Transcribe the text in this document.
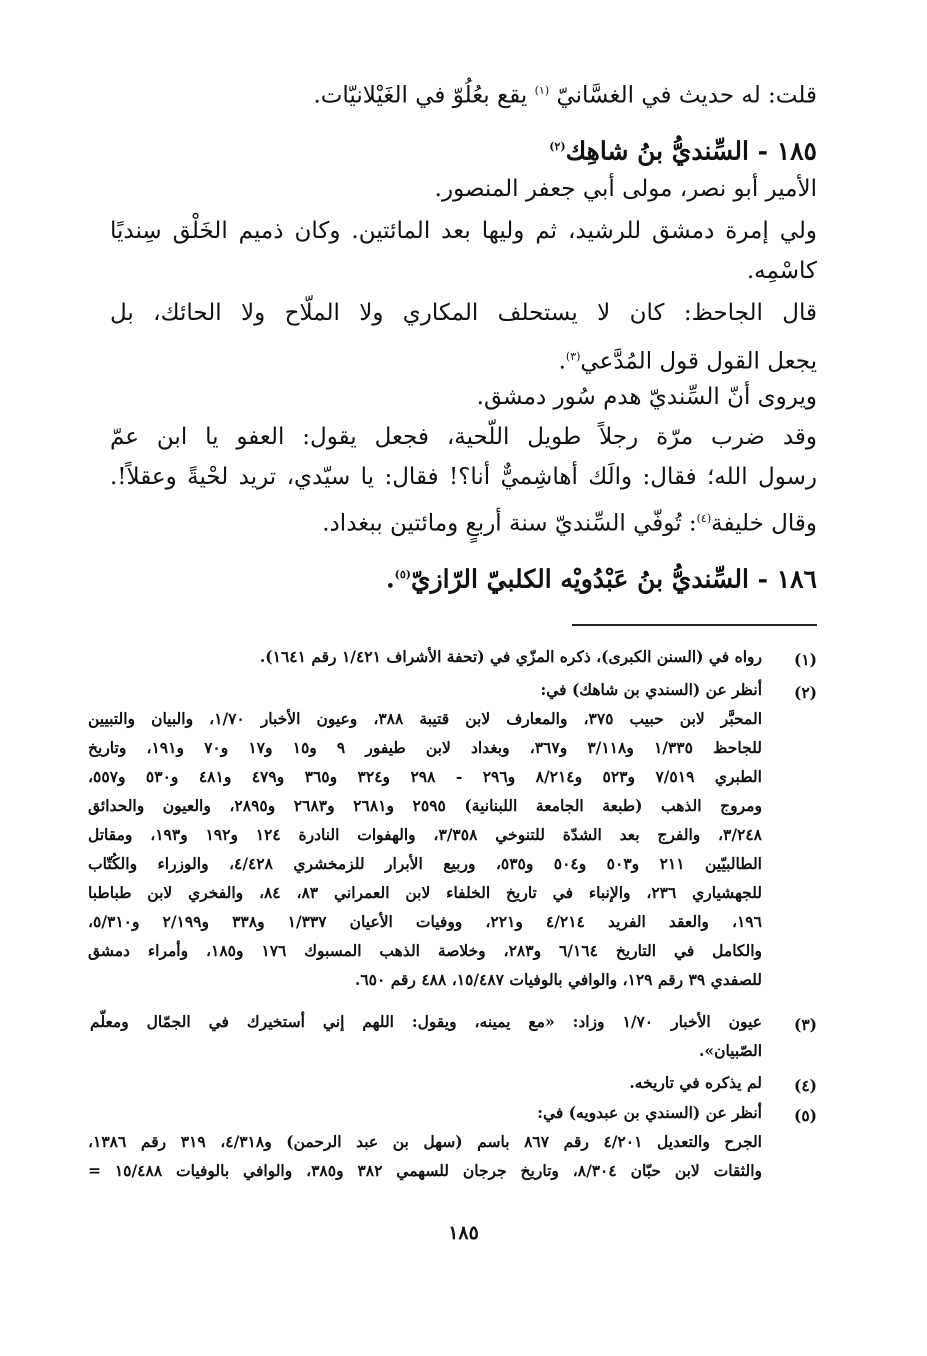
قلت: له حديث في الغسَّانيّ $^{(١)}$ يقع بعُلُوّ في الغَيْلانيّات.
١٨٥ - السِّنديُّ بنُ شاهِك$^{(٢)}$
الأمير أبو نصر، مولى أبي جعفر المنصور.
ولي إمرة دمشق للرشيد، ثم وليها بعد المائتين. وكان ذميم الخَلْق سِنديًا
كاسْمِه.
قال الجاحظ: كان لا يستحلف المكاري ولا الملّاح ولا الحائك، بل
يجعل القول قول المُدَّعي$^{(٣)}$.
ويروى أنّ السِّنديّ هدم سُور دمشق.
وقد ضرب مرّة رجلاً طويل اللّحية، فجعل يقول: العفو يا ابن عمّ
رسول الله؛ فقال: والَك أهاشِميٌّ أنا؟! فقال: يا سيّدي، تريد لحْيةً وعقلاً!.
وقال خليفة$^{(٤)}$: تُوفّي السِّنديّ سنة أربعٍ ومائتين ببغداد.
١٨٦ - السِّنديُّ بنُ عَبْدُويْه الكلبيّ الرّازيّ$^{(٥)}$.
(١)
رواه في (السنن الكبرى)، ذكره المزّي في (تحفة الأشراف ١/٤٢١ رقم ١٦٤١).
(٢)
أنظر عن (السندي بن شاهك) في:
المحبَّر لابن حبيب ٣٧٥، والمعارف لابن قتيبة ٣٨٨، وعيون الأخبار ١/٧٠، والبيان والتبيين
للجاحظ ١/٣٣٥ و٣/١١٨ و٣٦٧، وبغداد لابن طيفور ٩ و١٥ و١٧ و٧٠ و١٩١، وتاريخ
الطبري ٧/٥١٩ و٥٢٣ و٨/٢١٤ و٢٩٦ - ٢٩٨ و٣٢٤ و٣٦٥ و٤٧٩ و٤٨١ و٥٣٠ و٥٥٧،
ومروج الذهب (طبعة الجامعة اللبنانية) ٢٥٩٥ و٢٦٨١ و٢٦٨٣ و٢٨٩٥، والعيون والحدائق
٣/٢٤٨، والفرج بعد الشدّة للتنوخي ٣/٣٥٨، والهفوات النادرة ١٢٤ و١٩٢ و١٩٣، ومقاتل
الطالبيّين ٢١١ و٥٠٣ و٥٠٤ و٥٣٥، وربيع الأبرار للزمخشري ٤/٤٢٨، والوزراء والكُتّاب
للجهشياري ٢٣٦، والإنباء في تاريخ الخلفاء لابن العمراني ٨٣، ٨٤، والفخري لابن طباطبا
١٩٦، والعقد الفريد ٤/٢١٤ و٢٢١، ووفيات الأعيان ١/٣٣٧ و٣٣٨ و٢/١٩٩ و٥/٣١٠،
والكامل في التاريخ ٦/١٦٤ و٢٨٣، وخلاصة الذهب المسبوك ١٧٦ و١٨٥، وأمراء دمشق
للصفدي ٣٩ رقم ١٢٩، والوافي بالوفيات ١٥/٤٨٧، ٤٨٨ رقم ٦٥٠.
(٣)
عيون الأخبار ١/٧٠ وزاد: «مع يمينه، ويقول: اللهم إني أستخيرك في الجمّال ومعلّم
الصّبيان».
(٤)
لم يذكره في تاريخه.
(٥)
أنظر عن (السندي بن عبدويه) في:
الجرح والتعديل ٤/٢٠١ رقم ٨٦٧ باسم (سهل بن عبد الرحمن) و٤/٣١٨، ٣١٩ رقم ١٣٨٦،
والثقات لابن حبّان ٨/٣٠٤، وتاريخ جرجان للسهمي ٣٨٢ و٣٨٥، والوافي بالوفيات ١٥/٤٨٨ =
١٨٥
